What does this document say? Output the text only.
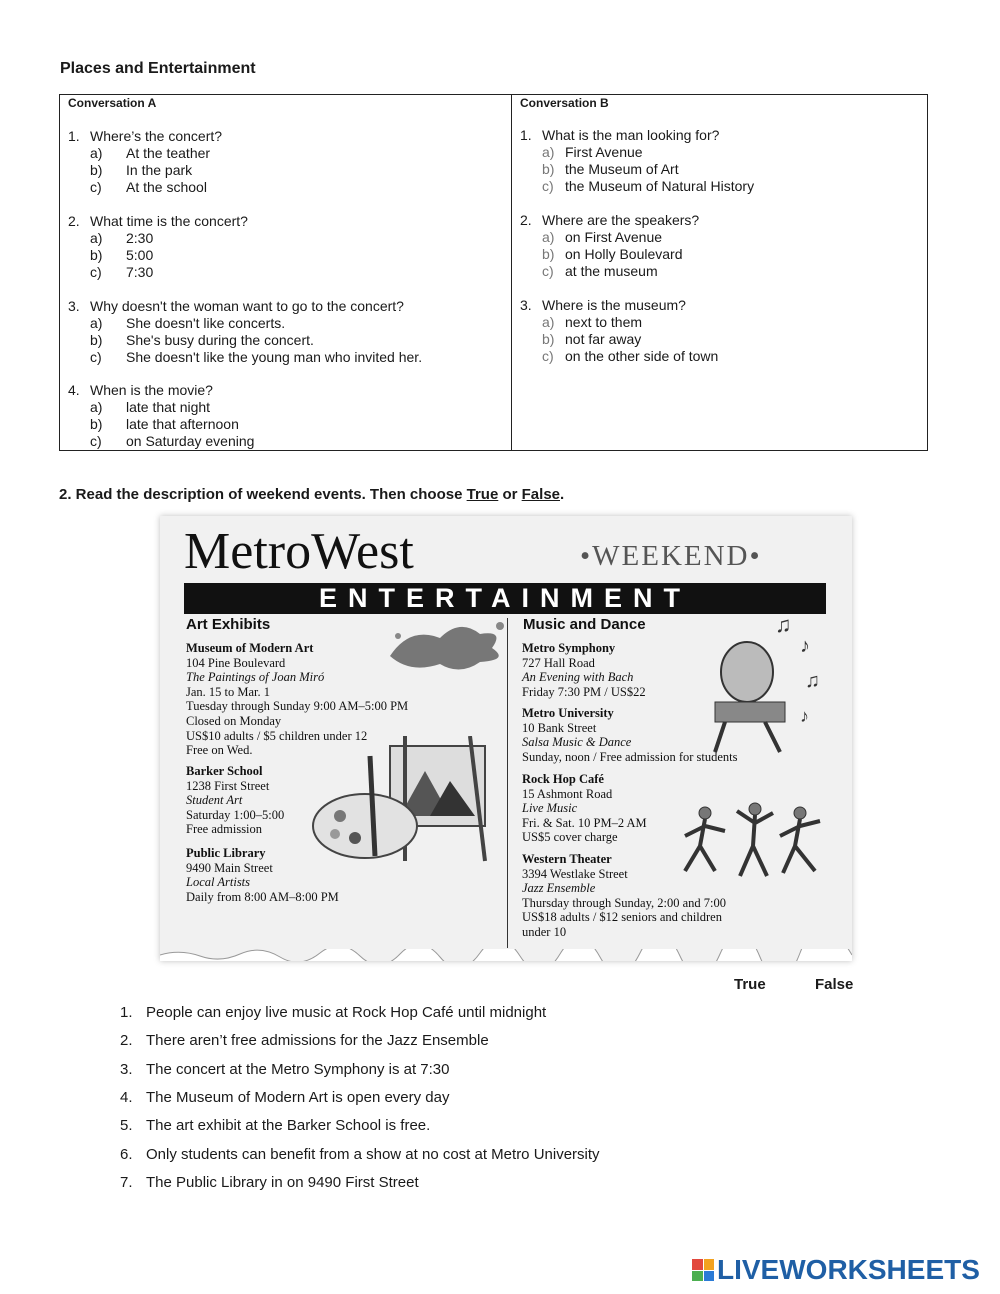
Places and Entertainment
Conversation A
1. Where’s the concert?
a) At the teather
b) In the park
c) At the school
2. What time is the concert?
a) 2:30
b) 5:00
c) 7:30
3. Why doesn't the woman want to go to the concert?
a) She doesn't like concerts.
b) She's busy during the concert.
c) She doesn't like the young man who invited her.
4. When is the movie?
a) late that night
b) late that afternoon
c) on Saturday evening
Conversation B
1. What is the man looking for?
a) First Avenue
b) the Museum of Art
c) the Museum of Natural History
2. Where are the speakers?
a) on First Avenue
b) on Holly Boulevard
c) at the museum
3. Where is the museum?
a) next to them
b) not far away
c) on the other side of town
2. Read the description of weekend events. Then choose True or False.
MetroWest	•WEEKEND•
ENTERTAINMENT
Art Exhibits	Music and Dance	♫
♪
♫
♪
Museum of Modern Art
104 Pine Boulevard
The Paintings of Joan Miró
Jan. 15 to Mar. 1
Tuesday through Sunday 9:00 AM–5:00 PM
Closed on Monday
US$10 adults / $5 children under 12
Free on Wed.
Barker School
1238 First Street
Student Art
Saturday 1:00–5:00
Free admission
Public Library
9490 Main Street
Local Artists
Daily from 8:00 AM–8:00 PM
Metro Symphony
727 Hall Road
An Evening with Bach
Friday 7:30 PM / US$22
Metro University
10 Bank Street
Salsa Music & Dance
Sunday, noon / Free admission for students
Rock Hop Café
15 Ashmont Road
Live Music
Fri. & Sat. 10 PM–2 AM
US$5 cover charge
Western Theater
3394 Westlake Street
Jazz Ensemble
Thursday through Sunday, 2:00 and 7:00
US$18 adults / $12 seniors and children
under 10
True	False
1. People can enjoy live music at Rock Hop Café until midnight
2. There aren’t free admissions for the Jazz Ensemble
3. The concert at the Metro Symphony is at 7:30
4. The Museum of Modern Art is open every day
5. The art exhibit at the Barker School is free.
6. Only students can benefit from a show at no cost at Metro University
7. The Public Library in on 9490 First Street
LIVEWORKSHEETS
